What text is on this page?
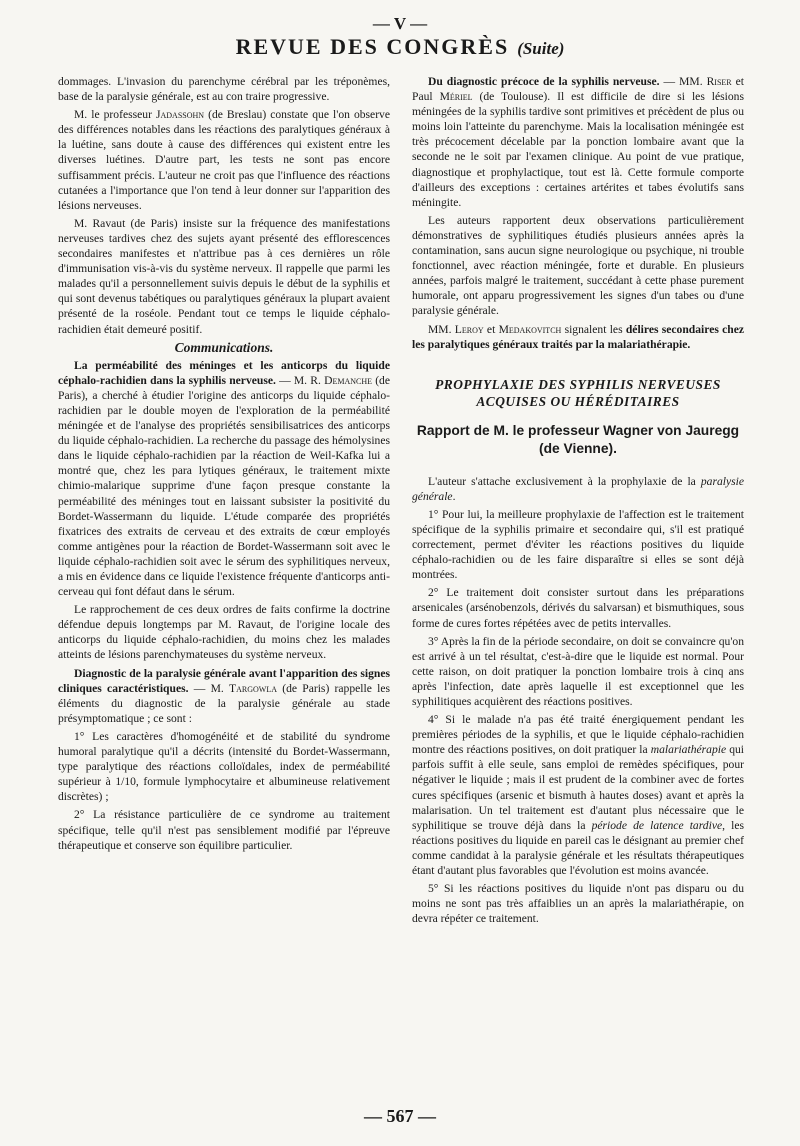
— V —
REVUE DES CONGRÈS (Suite)

dommages. L'invasion du parenchyme cérébral par les tréponèmes, base de la paralysie générale, est au con traire progressive.

M. le professeur Jadassohn (de Breslau) constate que l'on observe des différences notables dans les réactions des paralytiques généraux à la luétine, sans doute à cause des différences qui existent entre les diverses luétines. D'autre part, les tests ne sont pas encore suffisamment précis. L'auteur ne croit pas que l'influence des réactions cutanées a l'importance que l'on tend à leur donner sur l'apparition des lésions nerveuses.

M. Ravaut (de Paris) insiste sur la fréquence des manifestations nerveuses tardives chez des sujets ayant présenté des efflorescences secondaires manifestes et n'attribue pas à ces dernières un rôle d'immunisation vis-à-vis du système nerveux. Il rappelle que parmi les malades qu'il a personnellement suivis depuis le début de la syphilis et qui sont devenus tabétiques ou paralytiques généraux la plupart avaient présenté de la roséole. Pendant tout ce temps le liquide céphalo-rachidien était demeuré positif.

Communications.

La perméabilité des méninges et les anticorps du liquide céphalo-rachidien dans la syphilis nerveuse. — M. R. Demanche (de Paris), a cherché à étudier l'origine des anticorps du liquide céphalo-rachidien par le double moyen de l'exploration de la perméabilité méningée et de l'analyse des propriétés sensibilisatrices des anticorps du liquide céphalo-rachidien. La recherche du passage des hémolysines dans le liquide céphalo-rachidien par la réaction de Weil-Kafka lui a montré que, chez les para lytiques généraux, le traitement mixte chimio-malarique supprime d'une façon presque constante la perméabilité des méninges tout en laissant subsister la positivité du Bordet-Wassermann du liquide. L'étude comparée des propriétés fixatrices des extraits de cerveau et des extraits de cœur employés comme antigènes pour la réaction de Bordet-Wassermann soit avec le liquide céphalo-rachidien soit avec le sérum des syphilitiques nerveux, a mis en évidence dans ce liquide l'existence fréquente d'anticorps anti-cerveau qui font défaut dans le sérum.

Le rapprochement de ces deux ordres de faits confirme la doctrine défendue depuis longtemps par M. Ravaut, de l'origine locale des anticorps du liquide céphalo-rachidien, du moins chez les malades atteints de lésions parenchymateuses du système nerveux.

Diagnostic de la paralysie générale avant l'apparition des signes cliniques caractéristiques. — M. Targowla (de Paris) rappelle les éléments du diagnostic de la paralysie générale au stade présymptomatique ; ce sont :

1° Les caractères d'homogénéité et de stabilité du syndrome humoral paralytique qu'il a décrits (intensité du Bordet-Wassermann, type paralytique des réactions colloïdales, index de perméabilité supérieur à 1/10, formule lymphocytaire et albumineuse relativement discrètes) ;

2° La résistance particulière de ce syndrome au traitement spécifique, telle qu'il n'est pas sensiblement modifié par l'épreuve thérapeutique et conserve son équilibre particulier.

Du diagnostic précoce de la syphilis nerveuse. — MM. Riser et Paul Mériel (de Toulouse). Il est difficile de dire si les lésions méningées de la syphilis tardive sont primitives et précèdent de plus ou moins loin l'atteinte du parenchyme. Mais la localisation méningée est très précocement décelable par la ponction lombaire avant que la seconde ne le soit par l'examen clinique. Au point de vue pratique, diagnostique et prophylactique, tout est là. Cette formule comporte d'ailleurs des exceptions : certaines artérites et tabes évolutifs sans méningite.

Les auteurs rapportent deux observations particulièrement démonstratives de syphilitiques étudiés plusieurs années après la contamination, sans aucun signe neurologique ou psychique, ni trouble fonctionnel, avec réaction méningée, forte et durable. En plusieurs années, parfois malgré le traitement, succédant à cette phase purement humorale, ont apparu progressivement les signes d'un tabes ou d'une paralysie générale.

MM. Leroy et Medakovitch signalent les délires secondaires chez les paralytiques généraux traités par la malariathérapie.

PROPHYLAXIE DES SYPHILIS NERVEUSES ACQUISES OU HÉRÉDITAIRES
Rapport de M. le professeur Wagner von Jauregg (de Vienne).

L'auteur s'attache exclusivement à la prophylaxie de la paralysie générale.

1° Pour lui, la meilleure prophylaxie de l'affection est le traitement spécifique de la syphilis primaire et secondaire qui, s'il est pratiqué correctement, permet d'éviter les réactions positives du liquide céphalo-rachidien ou de les faire disparaître si elles se sont déjà montrées.

2° Le traitement doit consister surtout dans les préparations arsenicales (arsénobenzols, dérivés du salvarsan) et bismuthiques, sous forme de cures fortes répétées avec de petits intervalles.

3° Après la fin de la période secondaire, on doit se convaincre qu'on est arrivé à un tel résultat, c'est-à-dire que le liquide est normal. Pour cette raison, on doit pratiquer la ponction lombaire trois à cinq ans après l'infection, date après laquelle il est exceptionnel que les syphilitiques acquièrent des réactions positives.

4° Si le malade n'a pas été traité énergiquement pendant les premières périodes de la syphilis, et que le liquide céphalo-rachidien montre des réactions positives, on doit pratiquer la malariathérapie qui parfois suffit à elle seule, sans emploi de remèdes spécifiques, pour négativer le liquide ; mais il est prudent de la combiner avec de fortes cures spécifiques (arsenic et bismuth à hautes doses) avant et après la malarisation. Un tel traitement est d'autant plus nécessaire que le syphilitique se trouve déjà dans la période de latence tardive, les réactions positives du liquide en pareil cas le désignant au premier chef comme candidat à la paralysie générale et les résultats thérapeutiques étant d'autant plus favorables que l'évolution est moins avancée.

5° Si les réactions positives du liquide n'ont pas disparu ou du moins ne sont pas très affaiblies un an après la malariathérapie, on devra répéter ce traitement.

— 567 —
